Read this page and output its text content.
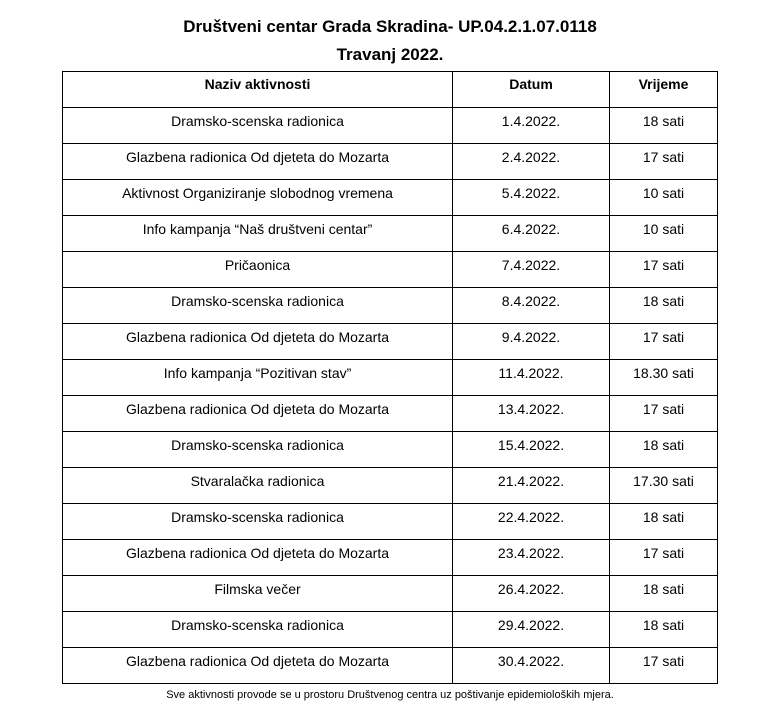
Društveni centar Grada Skradina- UP.04.2.1.07.0118
Travanj 2022.
Naziv aktivnosti	Datum	Vrijeme
Dramsko-scenska radionica	1.4.2022.	18 sati
Glazbena radionica Od djeteta do Mozarta	2.4.2022.	17 sati
Aktivnost Organiziranje slobodnog vremena	5.4.2022.	10 sati
Info kampanja “Naš društveni centar”	6.4.2022.	10 sati
Pričaonica	7.4.2022.	17 sati
Dramsko-scenska radionica	8.4.2022.	18 sati
Glazbena radionica Od djeteta do Mozarta	9.4.2022.	17 sati
Info kampanja “Pozitivan stav”	11.4.2022.	18.30 sati
Glazbena radionica Od djeteta do Mozarta	13.4.2022.	17 sati
Dramsko-scenska radionica	15.4.2022.	18 sati
Stvaralačka radionica	21.4.2022.	17.30 sati
Dramsko-scenska radionica	22.4.2022.	18 sati
Glazbena radionica Od djeteta do Mozarta	23.4.2022.	17 sati
Filmska večer	26.4.2022.	18 sati
Dramsko-scenska radionica	29.4.2022.	18 sati
Glazbena radionica Od djeteta do Mozarta	30.4.2022.	17 sati
Sve aktivnosti provode se u prostoru Društvenog centra uz poštivanje epidemioloških mjera.
